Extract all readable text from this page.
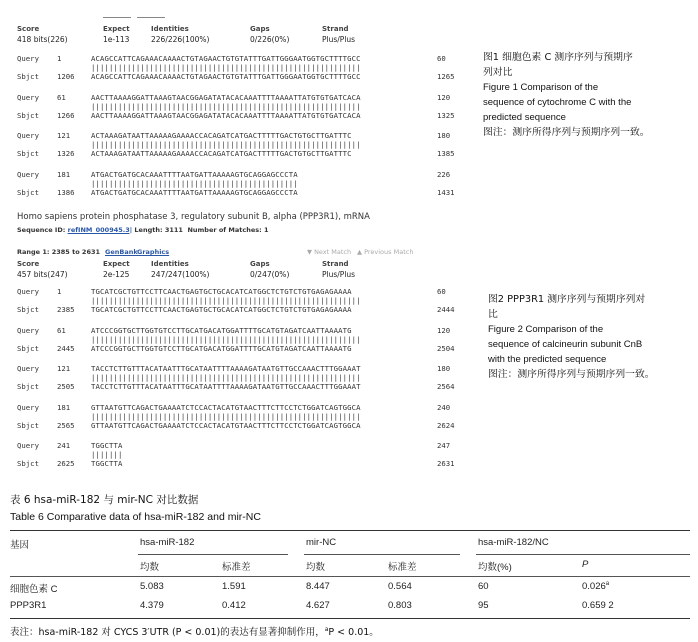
Score	Expect	Identities	Gaps	Strand
418 bits(226)	1e-113	226/226(100%)	0/226(0%)	Plus/Plus
Query 1	ACAGCCATTCAGAAACAAAACTGTAGAACTGTGTATTTGATTGGGAATGGTGCTTTTGCC	60
||||||||||||||||||||||||||||||||||||||||||||||||||||||||||||
Sbjct 1206 ACAGCCATTCAGAAACAAAACTGTAGAACTGTGTATTTGATTGGGAATGGTGCTTTTGCC	1265
Query 61	AACTTAAAAGGATTAAAGTAACGGAGATATACACAAATTTTAAAATTATGTGTGATCACA	120
||||||||||||||||||||||||||||||||||||||||||||||||||||||||||||
Sbjct 1266 AACTTAAAAGGATTAAAGTAACGGAGATATACACAAATTTTAAAATTATGTGTGATCACA	1325
Query 121	ACTAAAGATAATTAAAAAGAAAACCACAGATCATGACTTTTTGACTGTGCTTGATTTC	180
||||||||||||||||||||||||||||||||||||||||||||||||||||||||||||
Sbjct 1326 ACTAAAGATAATTAAAAAGAAAACCACAGATCATGACTTTTTGACTGTGCTTGATTTC	1385
Query 181	ATGACTGATGCACAAATTTTAATGATTAAAAAGTGCAGGAGCCCTA	226
||||||||||||||||||||||||||||||||||||||||||||||
Sbjct 1386 ATGACTGATGCACAAATTTTAATGATTAAAAAGTGCAGGAGCCCTA	1431
图1 细胞色素 C 测序序列与预期序
列对比
Figure 1 Comparison of the
sequence of cytochrome C with the
predicted sequence
图注：测序所得序列与预期序列一致。
Homo sapiens protein phosphatase 3, regulatory subunit B, alpha (PPP3R1), mRNA
Sequence ID: refINM_000945.3| Length: 3111 Number of Matches: 1
Range 1: 2385 to 2631 GenBank Graphics	▼ Next Match ▲ Previous Match
Score	Expect	Identities	Gaps	Strand
457 bits(247)	2e-125	247/247(100%)	0/247(0%)	Plus/Plus
Query 1	TGCATCGCTGTTCCTTCAACTGAGTGCTGCACATCATGGCTCTGTCTGTGAGAGAAAA	60
||||||||||||||||||||||||||||||||||||||||||||||||||||||||||||
Sbjct 2385 TGCATCGCTGTTCCTTCAACTGAGTGCTGCACATCATGGCTCTGTCTGTGAGAGAAAA	2444
Query 61	ATCCCGGTGCTTGGTGTCCTTGCATGACATGGATTTTGCATGTAGATCAATTAAAATG	120
||||||||||||||||||||||||||||||||||||||||||||||||||||||||||||
Sbjct 2445 ATCCCGGTGCTTGGTGTCCTTGCATGACATGGATTTTGCATGTAGATCAATTAAAATG	2504
Query 121	TACCTCTTGTTTACATAATTTGCATAATTTTAAAAGATAATGTTGCCAAACTTTGGAAAT	180
||||||||||||||||||||||||||||||||||||||||||||||||||||||||||||
Sbjct 2505 TACCTCTTGTTTACATAATTTGCATAATTTTAAAAGATAATGTTGCCAAACTTTGGAAAT	2564
Query 181	GTTAATGTTCAGACTGAAAATCTCCACTACATGTAACTTTCTTCCTCTGGATCAGTGGCA	240
||||||||||||||||||||||||||||||||||||||||||||||||||||||||||||
Sbjct 2565 GTTAATGTTCAGACTGAAAATCTCCACTACATGTAACTTTCTTCCTCTGGATCAGTGGCA	2624
Query 241	TGGCTTA	247
|||||||
Sbjct 2625 TGGCTTA	2631
图2 PPP3R1 测序序列与预期序列对
比
Figure 2 Comparison of the
sequence of calcineurin subunit CnB
with the predicted sequence
图注：测序所得序列与预期序列一致。
表 6 hsa-miR-182 与 mir-NC 对比数据
Table 6 Comparative data of hsa-miR-182 and mir-NC
基因	hsa-miR-182	mir-NC	hsa-miR-182/NC
均数	标准差	均数	标准差	均数(%)	P
细胞色素 C	5.083	1.591	8.447	0.564	60	0.026$^a$
PPP3R1	4.379	0.412	4.627	0.803	95	0.659 2
表注：hsa-miR-182 对 CYCS 3′UTR (P < 0.01)的表达有显著抑制作用，$^a$P < 0.01。
